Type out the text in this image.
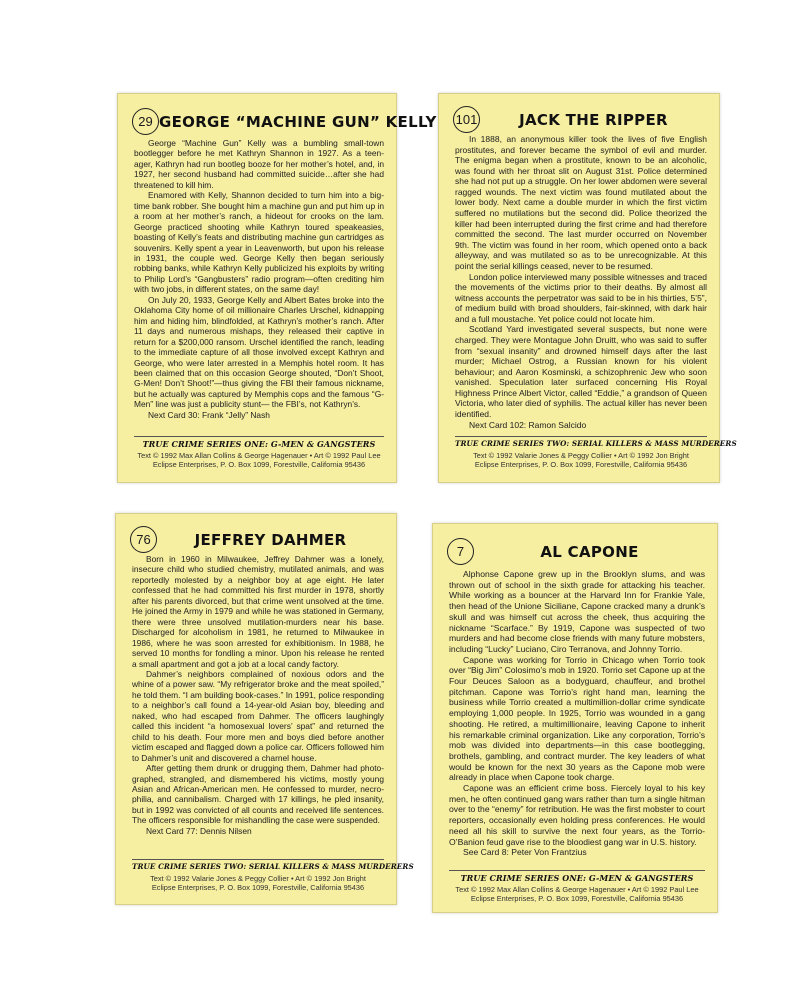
29 GEORGE “MACHINE GUN” KELLY

George “Machine Gun” Kelly was a bumbling small-town bootlegger before he met Kathryn Shannon in 1927. As a teen-ager, Kathryn had run bootleg booze for her mother’s hotel, and, in 1927, her second husband had committed suicide…after she had threatened to kill him.

Enamored with Kelly, Shannon decided to turn him into a big-time bank robber. She bought him a machine gun and put him up in a room at her mother’s ranch, a hideout for crooks on the lam. George practiced shooting while Kathryn toured speakeasies, boasting of Kelly’s feats and distributing machine gun cartridges as souvenirs. Kelly spent a year in Leavenworth, but upon his release in 1931, the couple wed. George Kelly then began seriously robbing banks, while Kathryn Kelly publicized his exploits by writing to Philip Lord’s “Gangbusters” radio program—often crediting him with two jobs, in different states, on the same day!

On July 20, 1933, George Kelly and Albert Bates broke into the Oklahoma City home of oil millionaire Charles Urschel, kidnapping him and hiding him, blindfolded, at Kathryn’s mother’s ranch. After 11 days and numerous mishaps, they released their captive in return for a $200,000 ransom. Urschel identified the ranch, leading to the immediate capture of all those involved except Kathryn and George, who were later arrested in a Memphis hotel room. It has been claimed that on this occasion George shouted, “Don’t Shoot, G-Men! Don’t Shoot!”—thus giving the FBI their famous nickname, but he actually was captured by Memphis cops and the famous “G-Men” line was just a publicity stunt— the FBI’s, not Kathryn’s.

Next Card 30: Frank “Jelly” Nash
TRUE CRIME SERIES ONE: G-MEN & GANGSTERS
Text © 1992 Max Allan Collins & George Hagenauer • Art © 1992 Paul Lee
Eclipse Enterprises, P. O. Box 1099, Forestville, California 95436
101	JACK THE RIPPER

In 1888, an anonymous killer took the lives of five English prostitutes, and forever became the symbol of evil and murder. The enigma began when a prostitute, known to be an alcoholic, was found with her throat slit on August 31st. Police determined she had not put up a struggle. On her lower abdomen were several ragged wounds. The next victim was found mutilated about the lower body. Next came a double murder in which the first victim suffered no mutilations but the second did. Police theorized the killer had been interrupted during the first crime and had therefore committed the second. The last murder occurred on November 9th. The victim was found in her room, which opened onto a back alleyway, and was mutilated so as to be unrecognizable. At this point the serial killings ceased, never to be resumed.

London police interviewed many possible witnesses and traced the movements of the victims prior to their deaths. By almost all witness accounts the perpetrator was said to be in his thirties, 5’5”, of medium build with broad shoulders, fair-skinned, with dark hair and a full moustache. Yet police could not locate him.

Scotland Yard investigated several suspects, but none were charged. They were Montague John Druitt, who was said to suffer from “sexual insanity” and drowned himself days after the last murder; Michael Ostrog, a Russian known for his violent behaviour; and Aaron Kosminski, a schizophrenic Jew who soon vanished. Speculation later surfaced concerning His Royal Highness Prince Albert Victor, called “Eddie,” a grandson of Queen Victoria, who later died of syphilis. The actual killer has never been identified.

Next Card 102: Ramon Salcido
TRUE CRIME SERIES TWO: SERIAL KILLERS & MASS MURDERERS
Text © 1992 Valarie Jones & Peggy Collier • Art © 1992 Jon Bright
Eclipse Enterprises, P. O. Box 1099, Forestville, California 95436
76	JEFFREY DAHMER

Born in 1960 in Milwaukee, Jeffrey Dahmer was a lonely, insecure child who studied chemistry, mutilated animals, and was reportedly molested by a neighbor boy at age eight. He later confessed that he had committed his first murder in 1978, shortly after his parents divorced, but that crime went unsolved at the time. He joined the Army in 1979 and while he was stationed in Germany, there were three unsolved mutilation-murders near his base. Discharged for alcoholism in 1981, he returned to Milwaukee in 1986, where he was soon arrested for exhibitionism. In 1988, he served 10 months for fondling a minor. Upon his release he rented a small apartment and got a job at a local candy factory.

Dahmer’s neighbors complained of noxious odors and the whine of a power saw. “My refrigerator broke and the meat spoiled,” he told them. “I am building book-cases.” In 1991, police responding to a neighbor’s call found a 14-year-old Asian boy, bleeding and naked, who had escaped from Dahmer. The officers laughingly called this incident “a homosexual lovers’ spat” and returned the child to his death. Four more men and boys died before another victim escaped and flagged down a police car. Officers followed him to Dahmer’s unit and discovered a charnel house.

After getting them drunk or drugging them, Dahmer had photo-graphed, strangled, and dismembered his victims, mostly young Asian and African-American men. He confessed to murder, necro-philia, and cannibalism. Charged with 17 killings, he pled insanity, but in 1992 was convicted of all counts and received life sentences. The officers responsible for mishandling the case were suspended.

Next Card 77: Dennis Nilsen
TRUE CRIME SERIES TWO: SERIAL KILLERS & MASS MURDERERS
Text © 1992 Valarie Jones & Peggy Collier • Art © 1992 Jon Bright
Eclipse Enterprises, P. O. Box 1099, Forestville, California 95436
7	AL CAPONE

Alphonse Capone grew up in the Brooklyn slums, and was thrown out of school in the sixth grade for attacking his teacher. While working as a bouncer at the Harvard Inn for Frankie Yale, then head of the Unione Siciliane, Capone cracked many a drunk’s skull and was himself cut across the cheek, thus acquiring the nickname “Scarface.” By 1919, Capone was suspected of two murders and had become close friends with many future mobsters, including “Lucky” Luciano, Ciro Terranova, and Johnny Torrio.

Capone was working for Torrio in Chicago when Torrio took over “Big Jim” Colosimo’s mob in 1920. Torrio set Capone up at the Four Deuces Saloon as a bodyguard, chauffeur, and brothel pitchman. Capone was Torrio’s right hand man, learning the business while Torrio created a multimillion-dollar crime syndicate employing 1,000 people. In 1925, Torrio was wounded in a gang shooting. He retired, a multimillionaire, leaving Capone to inherit his remarkable criminal organization. Like any corporation, Torrio’s mob was divided into departments—in this case bootlegging, brothels, gambling, and contract murder. The key leaders of what would be known for the next 30 years as the Capone mob were already in place when Capone took charge.

Capone was an efficient crime boss. Fiercely loyal to his key men, he often continued gang wars rather than turn a single hitman over to the “enemy” for retribution. He was the first mobster to court reporters, occasionally even holding press conferences. He would need all his skill to survive the next four years, as the Torrio-O’Banion feud gave rise to the bloodiest gang war in U.S. history.

See Card 8: Peter Von Frantzius
TRUE CRIME SERIES ONE: G-MEN & GANGSTERS
Text © 1992 Max Allan Collins & George Hagenauer • Art © 1992 Paul Lee
Eclipse Enterprises, P. O. Box 1099, Forestville, California 95436
